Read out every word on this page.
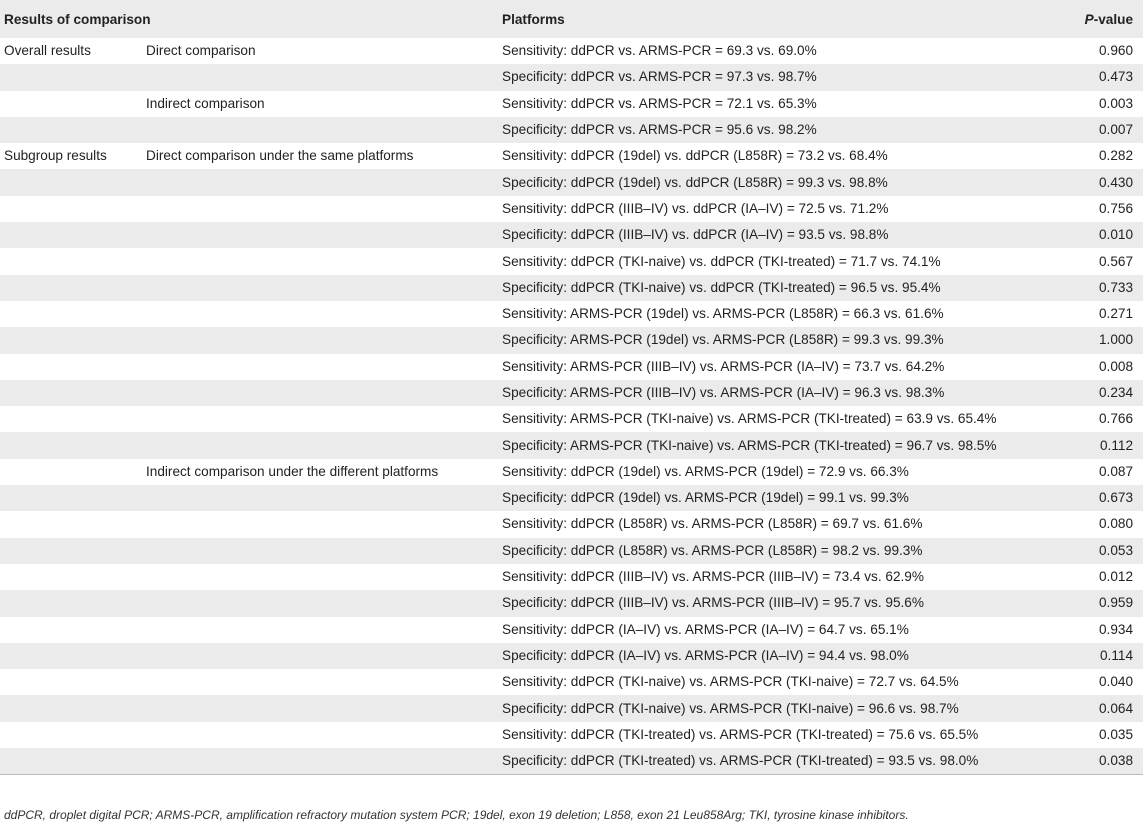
Results of comparison		Platforms	P-value
Overall results	Direct comparison	Sensitivity: ddPCR vs. ARMS-PCR = 69.3 vs. 69.0%	0.960
		Specificity: ddPCR vs. ARMS-PCR = 97.3 vs. 98.7%	0.473
	Indirect comparison	Sensitivity: ddPCR vs. ARMS-PCR = 72.1 vs. 65.3%	0.003
		Specificity: ddPCR vs. ARMS-PCR = 95.6 vs. 98.2%	0.007
Subgroup results	Direct comparison under the same platforms	Sensitivity: ddPCR (19del) vs. ddPCR (L858R) = 73.2 vs. 68.4%	0.282
		Specificity: ddPCR (19del) vs. ddPCR (L858R) = 99.3 vs. 98.8%	0.430
		Sensitivity: ddPCR (IIIB–IV) vs. ddPCR (IA–IV) = 72.5 vs. 71.2%	0.756
		Specificity: ddPCR (IIIB–IV) vs. ddPCR (IA–IV) = 93.5 vs. 98.8%	0.010
		Sensitivity: ddPCR (TKI-naive) vs. ddPCR (TKI-treated) = 71.7 vs. 74.1%	0.567
		Specificity: ddPCR (TKI-naive) vs. ddPCR (TKI-treated) = 96.5 vs. 95.4%	0.733
		Sensitivity: ARMS-PCR (19del) vs. ARMS-PCR (L858R) = 66.3 vs. 61.6%	0.271
		Specificity: ARMS-PCR (19del) vs. ARMS-PCR (L858R) = 99.3 vs. 99.3%	1.000
		Sensitivity: ARMS-PCR (IIIB–IV) vs. ARMS-PCR (IA–IV) = 73.7 vs. 64.2%	0.008
		Specificity: ARMS-PCR (IIIB–IV) vs. ARMS-PCR (IA–IV) = 96.3 vs. 98.3%	0.234
		Sensitivity: ARMS-PCR (TKI-naive) vs. ARMS-PCR (TKI-treated) = 63.9 vs. 65.4%	0.766
		Specificity: ARMS-PCR (TKI-naive) vs. ARMS-PCR (TKI-treated) = 96.7 vs. 98.5%	0.112
	Indirect comparison under the different platforms	Sensitivity: ddPCR (19del) vs. ARMS-PCR (19del) = 72.9 vs. 66.3%	0.087
		Specificity: ddPCR (19del) vs. ARMS-PCR (19del) = 99.1 vs. 99.3%	0.673
		Sensitivity: ddPCR (L858R) vs. ARMS-PCR (L858R) = 69.7 vs. 61.6%	0.080
		Specificity: ddPCR (L858R) vs. ARMS-PCR (L858R) = 98.2 vs. 99.3%	0.053
		Sensitivity: ddPCR (IIIB–IV) vs. ARMS-PCR (IIIB–IV) = 73.4 vs. 62.9%	0.012
		Specificity: ddPCR (IIIB–IV) vs. ARMS-PCR (IIIB–IV) = 95.7 vs. 95.6%	0.959
		Sensitivity: ddPCR (IA–IV) vs. ARMS-PCR (IA–IV) = 64.7 vs. 65.1%	0.934
		Specificity: ddPCR (IA–IV) vs. ARMS-PCR (IA–IV) = 94.4 vs. 98.0%	0.114
		Sensitivity: ddPCR (TKI-naive) vs. ARMS-PCR (TKI-naive) = 72.7 vs. 64.5%	0.040
		Specificity: ddPCR (TKI-naive) vs. ARMS-PCR (TKI-naive) = 96.6 vs. 98.7%	0.064
		Sensitivity: ddPCR (TKI-treated) vs. ARMS-PCR (TKI-treated) = 75.6 vs. 65.5%	0.035
		Specificity: ddPCR (TKI-treated) vs. ARMS-PCR (TKI-treated) = 93.5 vs. 98.0%	0.038
ddPCR, droplet digital PCR; ARMS-PCR, amplification refractory mutation system PCR; 19del, exon 19 deletion; L858, exon 21 Leu858Arg; TKI, tyrosine kinase inhibitors.
